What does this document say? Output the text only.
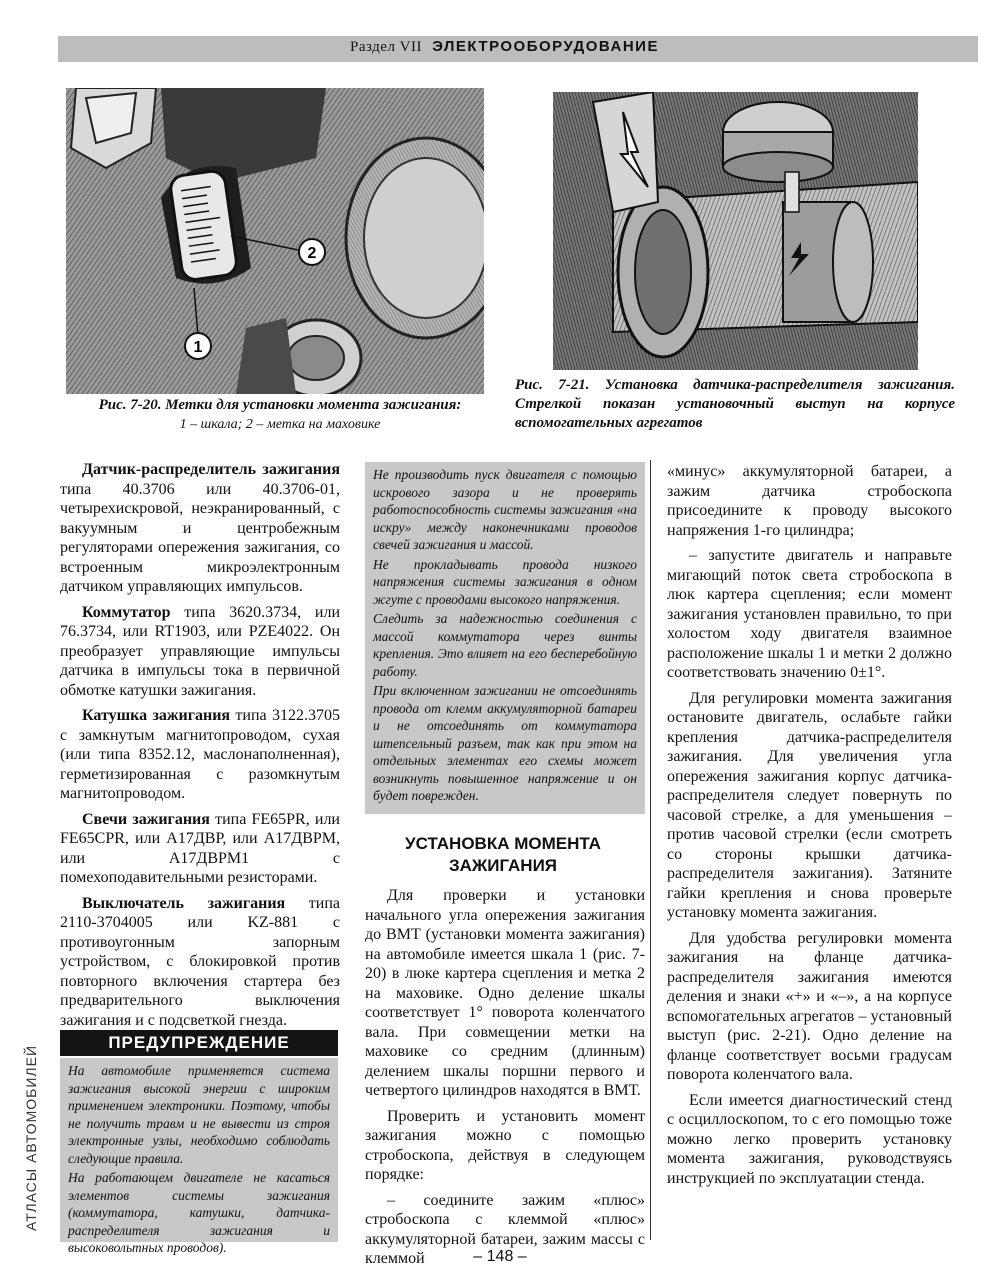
Раздел VII ЭЛЕКТРООБОРУДОВАНИЕ
2
1
Рис. 7-20. Метки для установки момента зажигания:
1 – шкала; 2 – метка на маховике
Рис. 7-21. Установка датчика-распределителя зажигания. Стрелкой показан установочный выступ на корпусе вспомогательных агрегатов

Датчик-распределитель зажигания типа 40.3706 или 40.3706-01, четырехискровой, неэкранированный, с вакуумным и центробежным регуляторами опережения зажигания, со встроенным микроэлектронным датчиком управляющих импульсов.

Коммутатор типа 3620.3734, или 76.3734, или RT1903, или PZE4022. Он преобразует управляющие импульсы датчика в импульсы тока в первичной обмотке катушки зажигания.

Катушка зажигания типа 3122.3705 с замкнутым магнитопроводом, сухая (или типа 8352.12, маслонаполненная), герметизированная с разомкнутым магнитопроводом.

Свечи зажигания типа FE65PR, или FE65CPR, или А17ДВР, или А17ДВРМ, или А17ДВРМ1 с помехоподавительными резисторами.

Выключатель зажигания типа 2110-3704005 или KZ-881 с противоугонным запорным устройством, с блокировкой против повторного включения стартера без предварительного выключения зажигания и с подсветкой гнезда.

ПРЕДУПРЕЖДЕНИЕ

На автомобиле применяется система зажигания высокой энергии с широким применением электроники. Поэтому, чтобы не получить травм и не вывести из строя электронные узлы, необходимо соблюдать следующие правила.

На работающем двигателе не касаться элементов системы зажигания (коммутатора, катушки, датчика-распределителя зажигания и высоковольтных проводов).

Не производить пуск двигателя с помощью искрового зазора и не проверять работоспособность системы зажигания «на искру» между наконечниками проводов свечей зажигания и массой.

Не прокладывать провода низкого напряжения системы зажигания в одном жгуте с проводами высокого напряжения.

Следить за надежностью соединения с массой коммутатора через винты крепления. Это влияет на его бесперебойную работу.

При включенном зажигании не отсоединять провода от клемм аккумуляторной батареи и не отсоединять от коммутатора штепсельный разъем, так как при этом на отдельных элементах его схемы может возникнуть повышенное напряжение и он будет поврежден.

УСТАНОВКА МОМЕНТА ЗАЖИГАНИЯ

Для проверки и установки начального угла опережения зажигания до ВМТ (установки момента зажигания) на автомобиле имеется шкала 1 (рис. 7-20) в люке картера сцепления и метка 2 на маховике. Одно деление шкалы соответствует 1° поворота коленчатого вала. При совмещении метки на маховике со средним (длинным) делением шкалы поршни первого и четвертого цилиндров находятся в ВМТ.

Проверить и установить момент зажигания можно с помощью стробоскопа, действуя в следующем порядке:

– соедините зажим «плюс» стробоскопа с клеммой «плюс» аккумуляторной батареи, зажим массы с клеммой

«минус» аккумуляторной батареи, а зажим датчика стробоскопа присоедините к проводу высокого напряжения 1-го цилиндра;

– запустите двигатель и направьте мигающий поток света стробоскопа в люк картера сцепления; если момент зажигания установлен правильно, то при холостом ходу двигателя взаимное расположение шкалы 1 и метки 2 должно соответствовать значению 0±1°.

Для регулировки момента зажигания остановите двигатель, ослабьте гайки крепления датчика-распределителя зажигания. Для увеличения угла опережения зажигания корпус датчика-распределителя следует повернуть по часовой стрелке, а для уменьшения – против часовой стрелки (если смотреть со стороны крышки датчика-распределителя зажигания). Затяните гайки крепления и снова проверьте установку момента зажигания.

Для удобства регулировки момента зажигания на фланце датчика-распределителя зажигания имеются деления и знаки «+» и «–», а на корпусе вспомогательных агрегатов – установный выступ (рис. 2-21). Одно деление на фланце соответствует восьми градусам поворота коленчатого вала.

Если имеется диагностический стенд с осциллоскопом, то с его помощью тоже можно легко проверить установку момента зажигания, руководствуясь инструкцией по эксплуатации стенда.

АТЛАСЫ АВТОМОБИЛЕЙ
– 148 –
